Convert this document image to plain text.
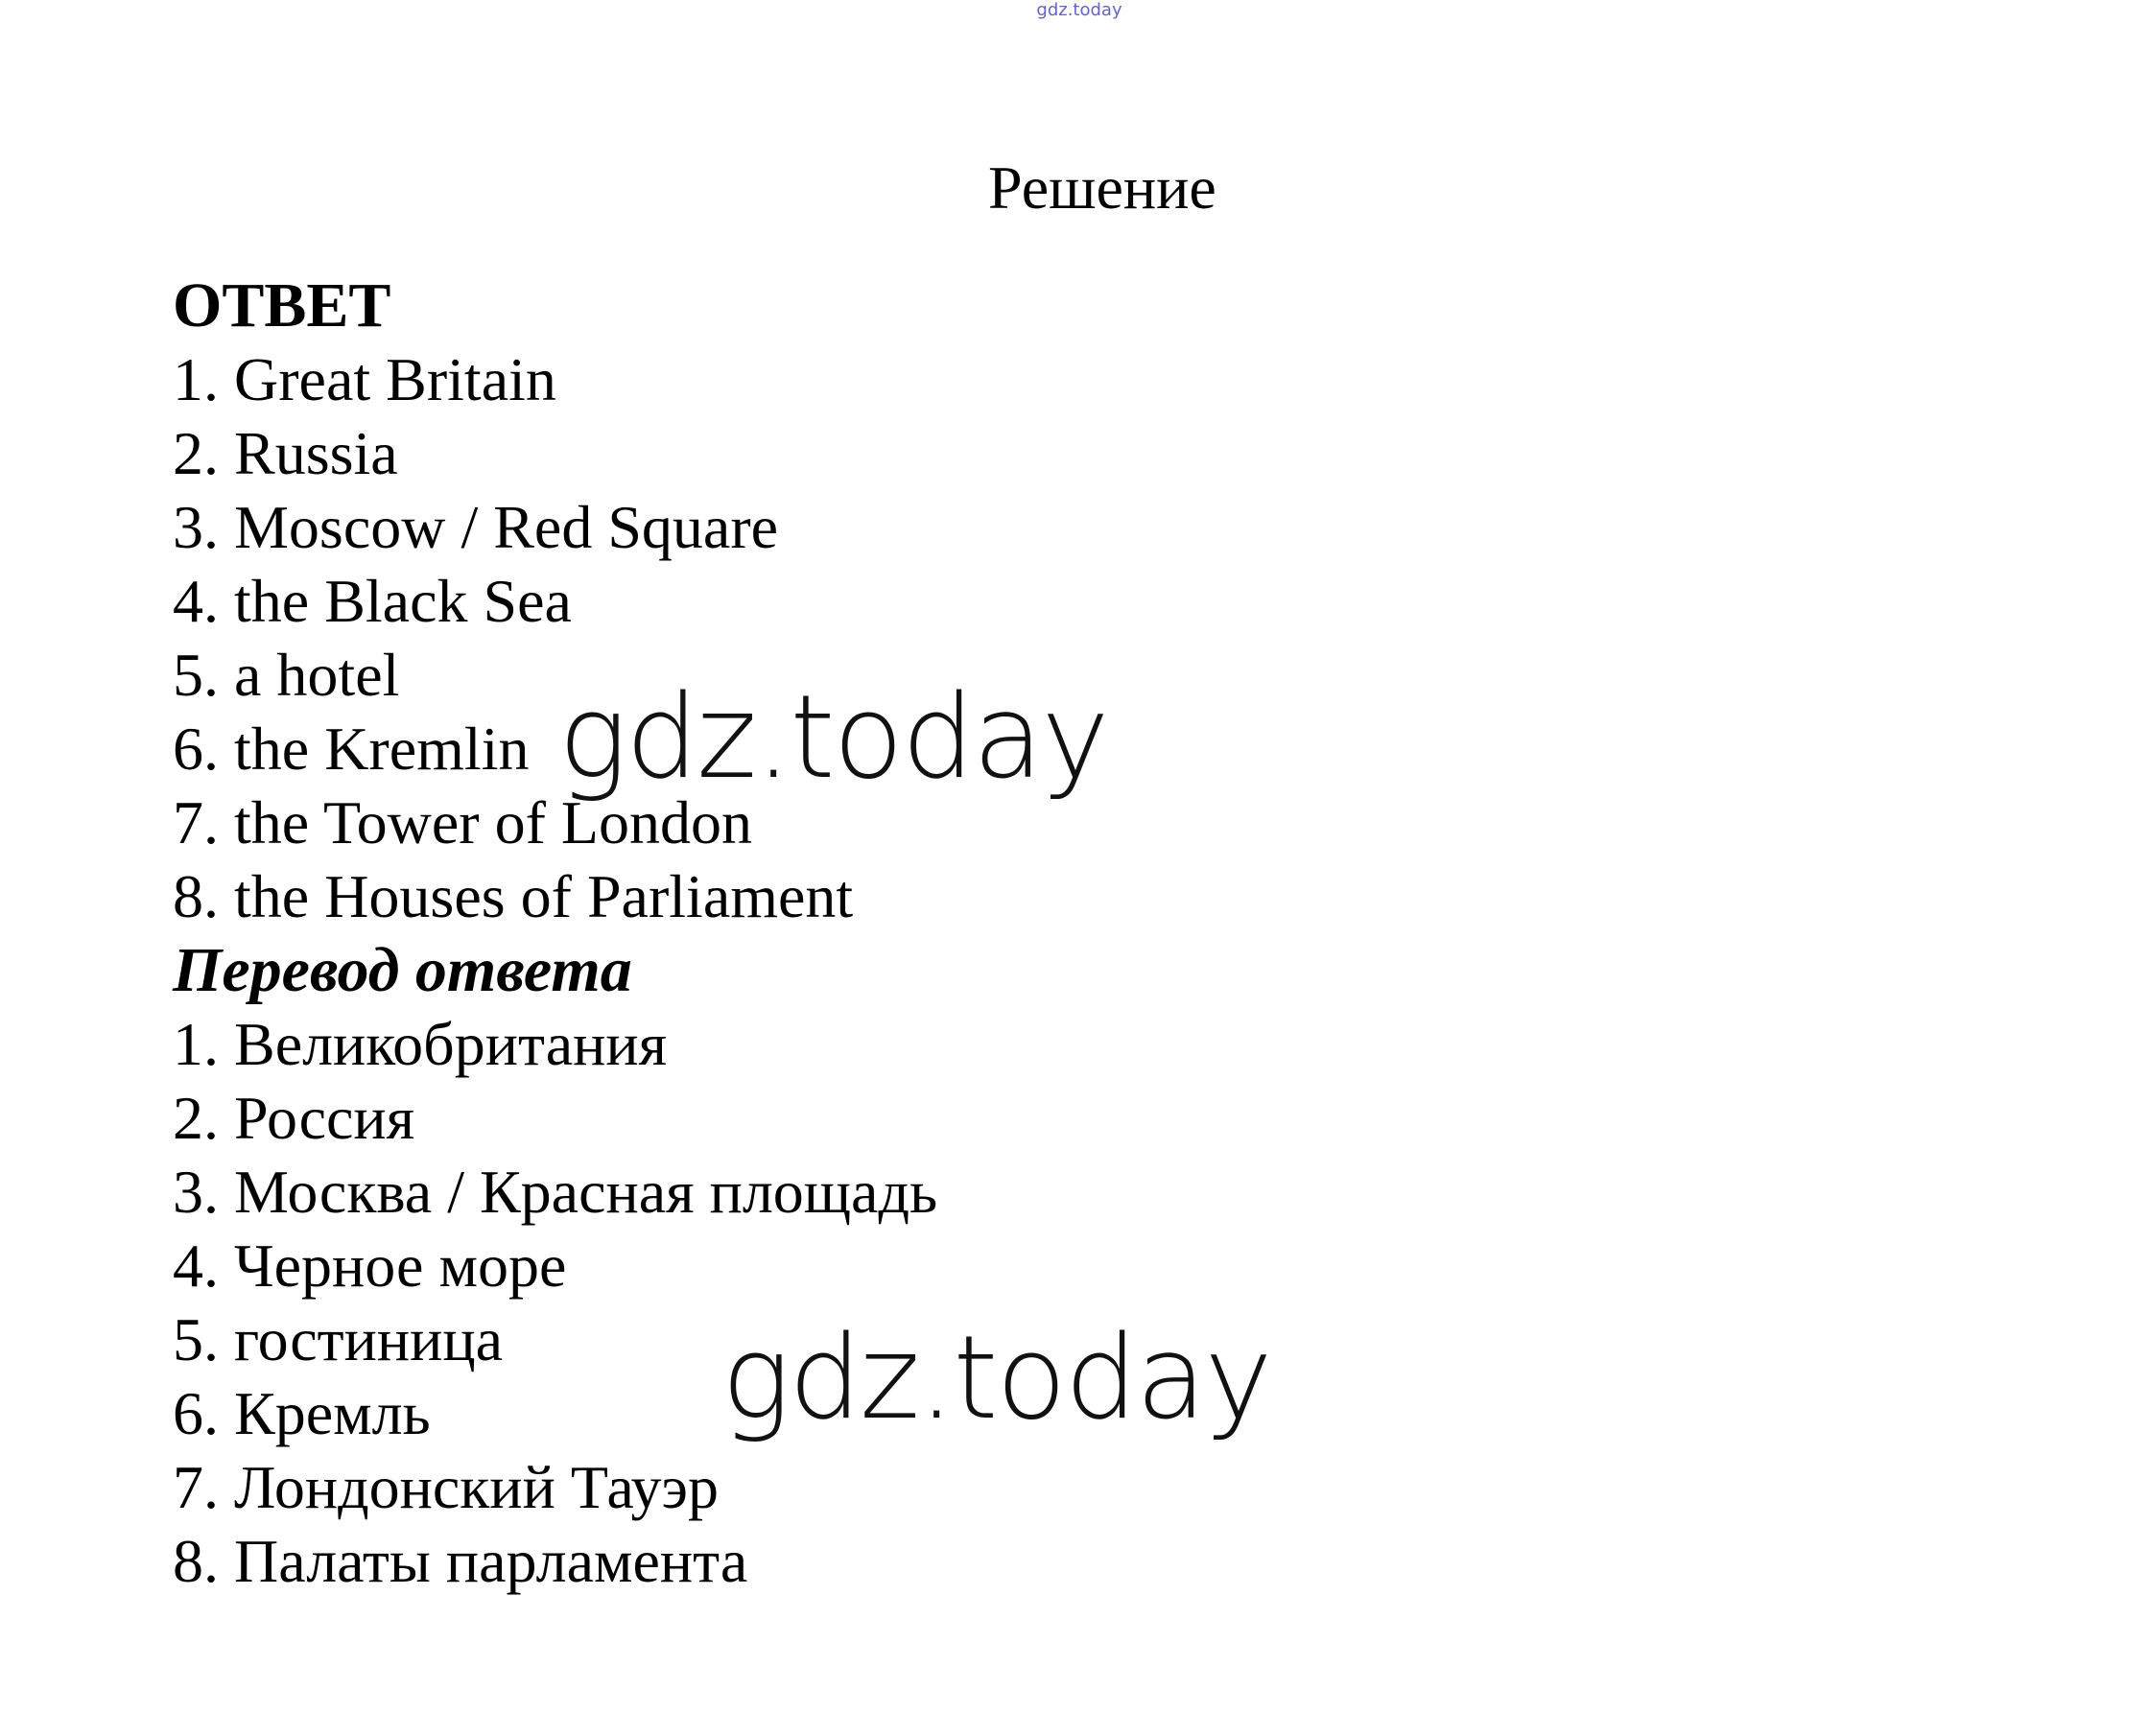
gdz.today
Решение
ОТВЕТ
1. Great Britain
2. Russia
3. Moscow / Red Square
4. the Black Sea
5. a hotel
6. the Kremlin
7. the Tower of London
8. the Houses of Parliament
Перевод ответа
1. Великобритания
2. Россия
3. Москва / Красная площадь
4. Черное море
5. гостиница
6. Кремль
7. Лондонский Тауэр
8. Палаты парламента
gdz.today
gdz.today
